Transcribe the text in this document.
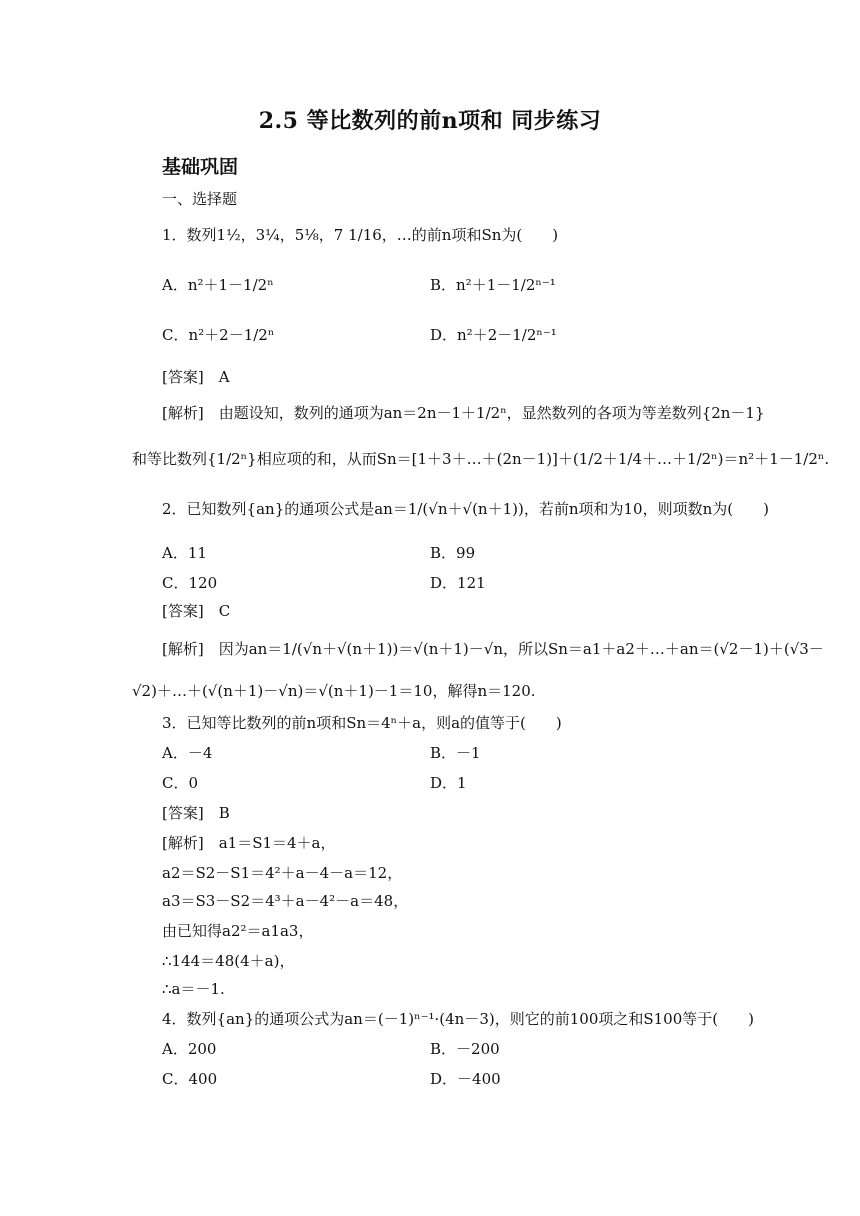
2.5 等比数列的前n项和 同步练习
基础巩固
一、选择题
1．数列1½，3¼，5⅛，7 1/16，…的前n项和Sn为(　　)
A．n²＋1－1/2ⁿ	B．n²＋1－1/2ⁿ⁻¹
C．n²＋2－1/2ⁿ	D．n²＋2－1/2ⁿ⁻¹
[答案]　A
[解析]　由题设知，数列的通项为an＝2n－1＋1/2ⁿ，显然数列的各项为等差数列{2n－1}
和等比数列{1/2ⁿ}相应项的和，从而Sn＝[1＋3＋…＋(2n－1)]＋(1/2＋1/4＋…＋1/2ⁿ)＝n²＋1－1/2ⁿ.
2．已知数列{an}的通项公式是an＝1/(√n＋√(n＋1))，若前n项和为10，则项数n为(　　)
A．11	B．99
C．120	D．121
[答案]　C
[解析]　因为an＝1/(√n＋√(n＋1))＝√(n＋1)－√n，所以Sn＝a1＋a2＋…＋an＝(√2－1)＋(√3－
√2)＋…＋(√(n＋1)－√n)＝√(n＋1)－1＝10，解得n＝120.
3．已知等比数列的前n项和Sn＝4ⁿ＋a，则a的值等于(　　)
A．－4	B．－1
C．0	D．1
[答案]　B
[解析]　a1＝S1＝4＋a，
a2＝S2－S1＝4²＋a－4－a＝12，
a3＝S3－S2＝4³＋a－4²－a＝48，
由已知得a2²＝a1a3，
∴144＝48(4＋a)，
∴a＝－1.
4．数列{an}的通项公式为an＝(－1)ⁿ⁻¹·(4n－3)，则它的前100项之和S100等于(　　)
A．200	B．－200
C．400	D．－400
